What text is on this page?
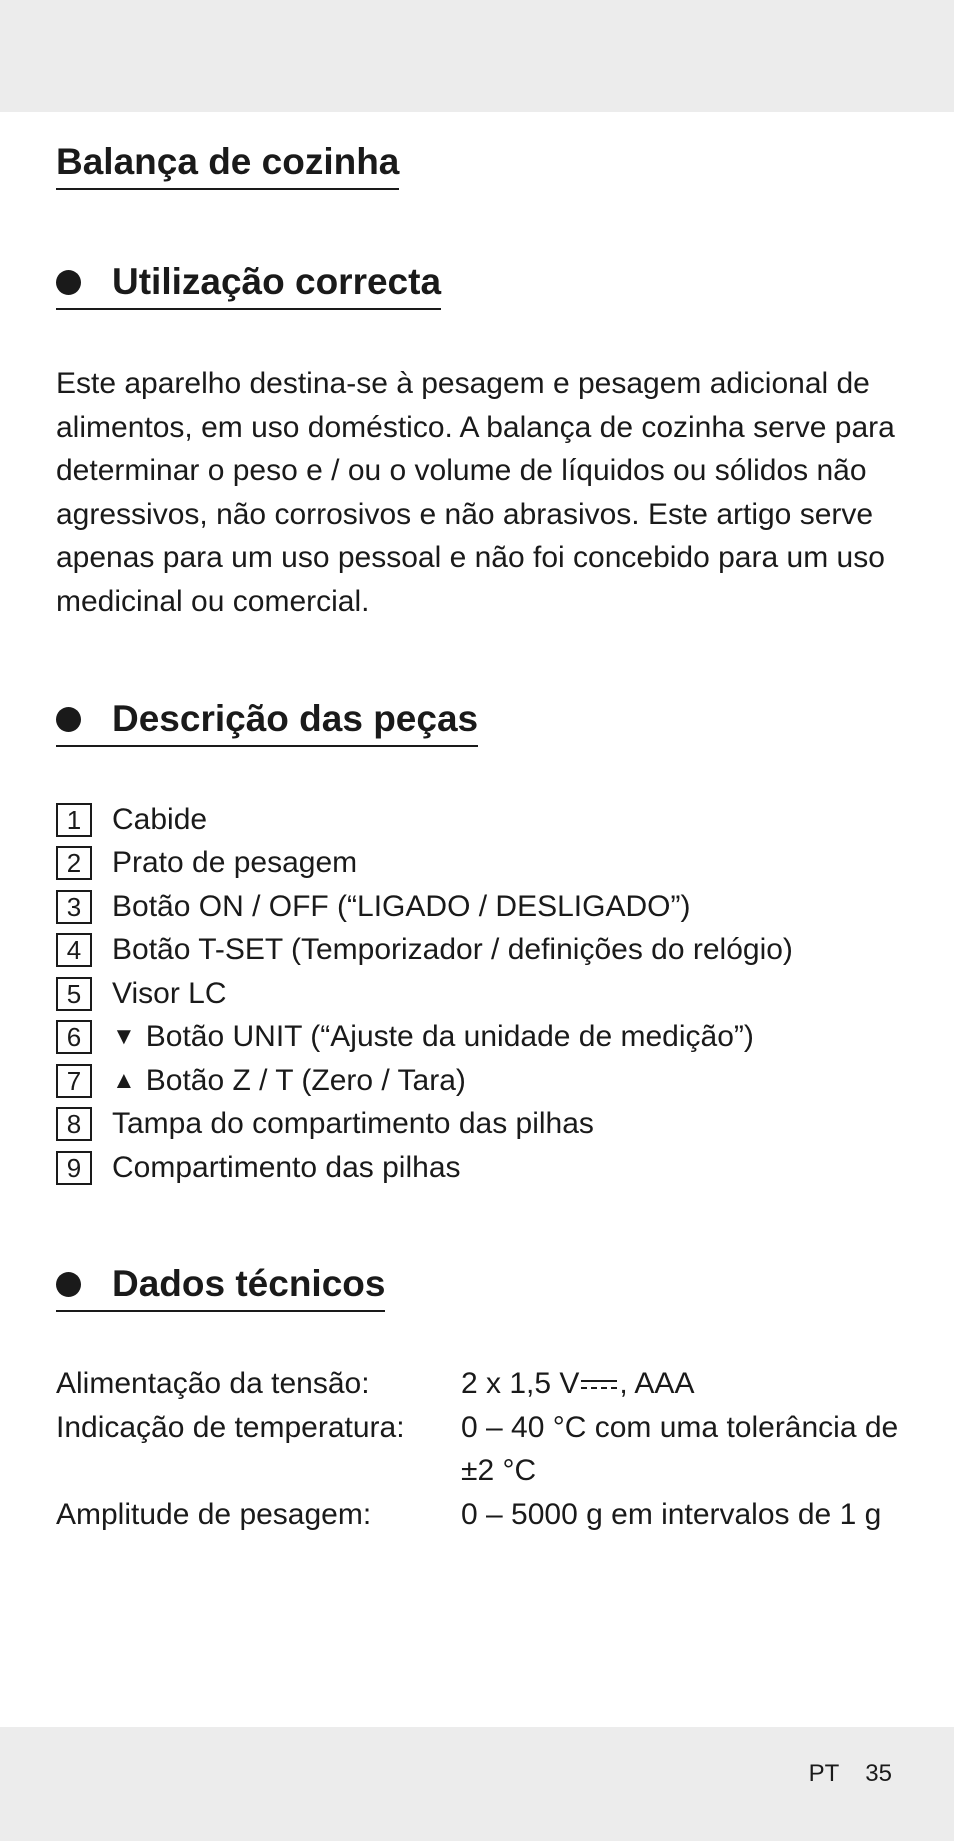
Balança de cozinha
Utilização correcta

Este aparelho destina-se à pesagem e pesagem adicional de alimentos, em uso doméstico. A balança de cozinha serve para determinar o peso e / ou o volume de líquidos ou sólidos não agressivos, não corrosivos e não abrasivos. Este artigo serve apenas para um uso pessoal e não foi concebido para um uso medicinal ou comercial.

Descrição das peças
1	Cabide
2	Prato de pesagem
3	Botão ON / OFF (“LIGADO / DESLIGADO”)
4	Botão T-SET (Temporizador / definições do relógio)
5	Visor LC
6	▼ Botão UNIT (“Ajuste da unidade de medição”)
7	▲ Botão Z / T (Zero / Tara)
8	Tampa do compartimento das pilhas
9	Compartimento das pilhas
Dados técnicos
Alimentação da tensão:	2 x 1,5 V , AAA
Indicação de temperatura:	0 – 40 °C com uma tolerância de ±2 °C
Amplitude de pesagem:	0 – 5000 g em intervalos de 1 g
PT 35
